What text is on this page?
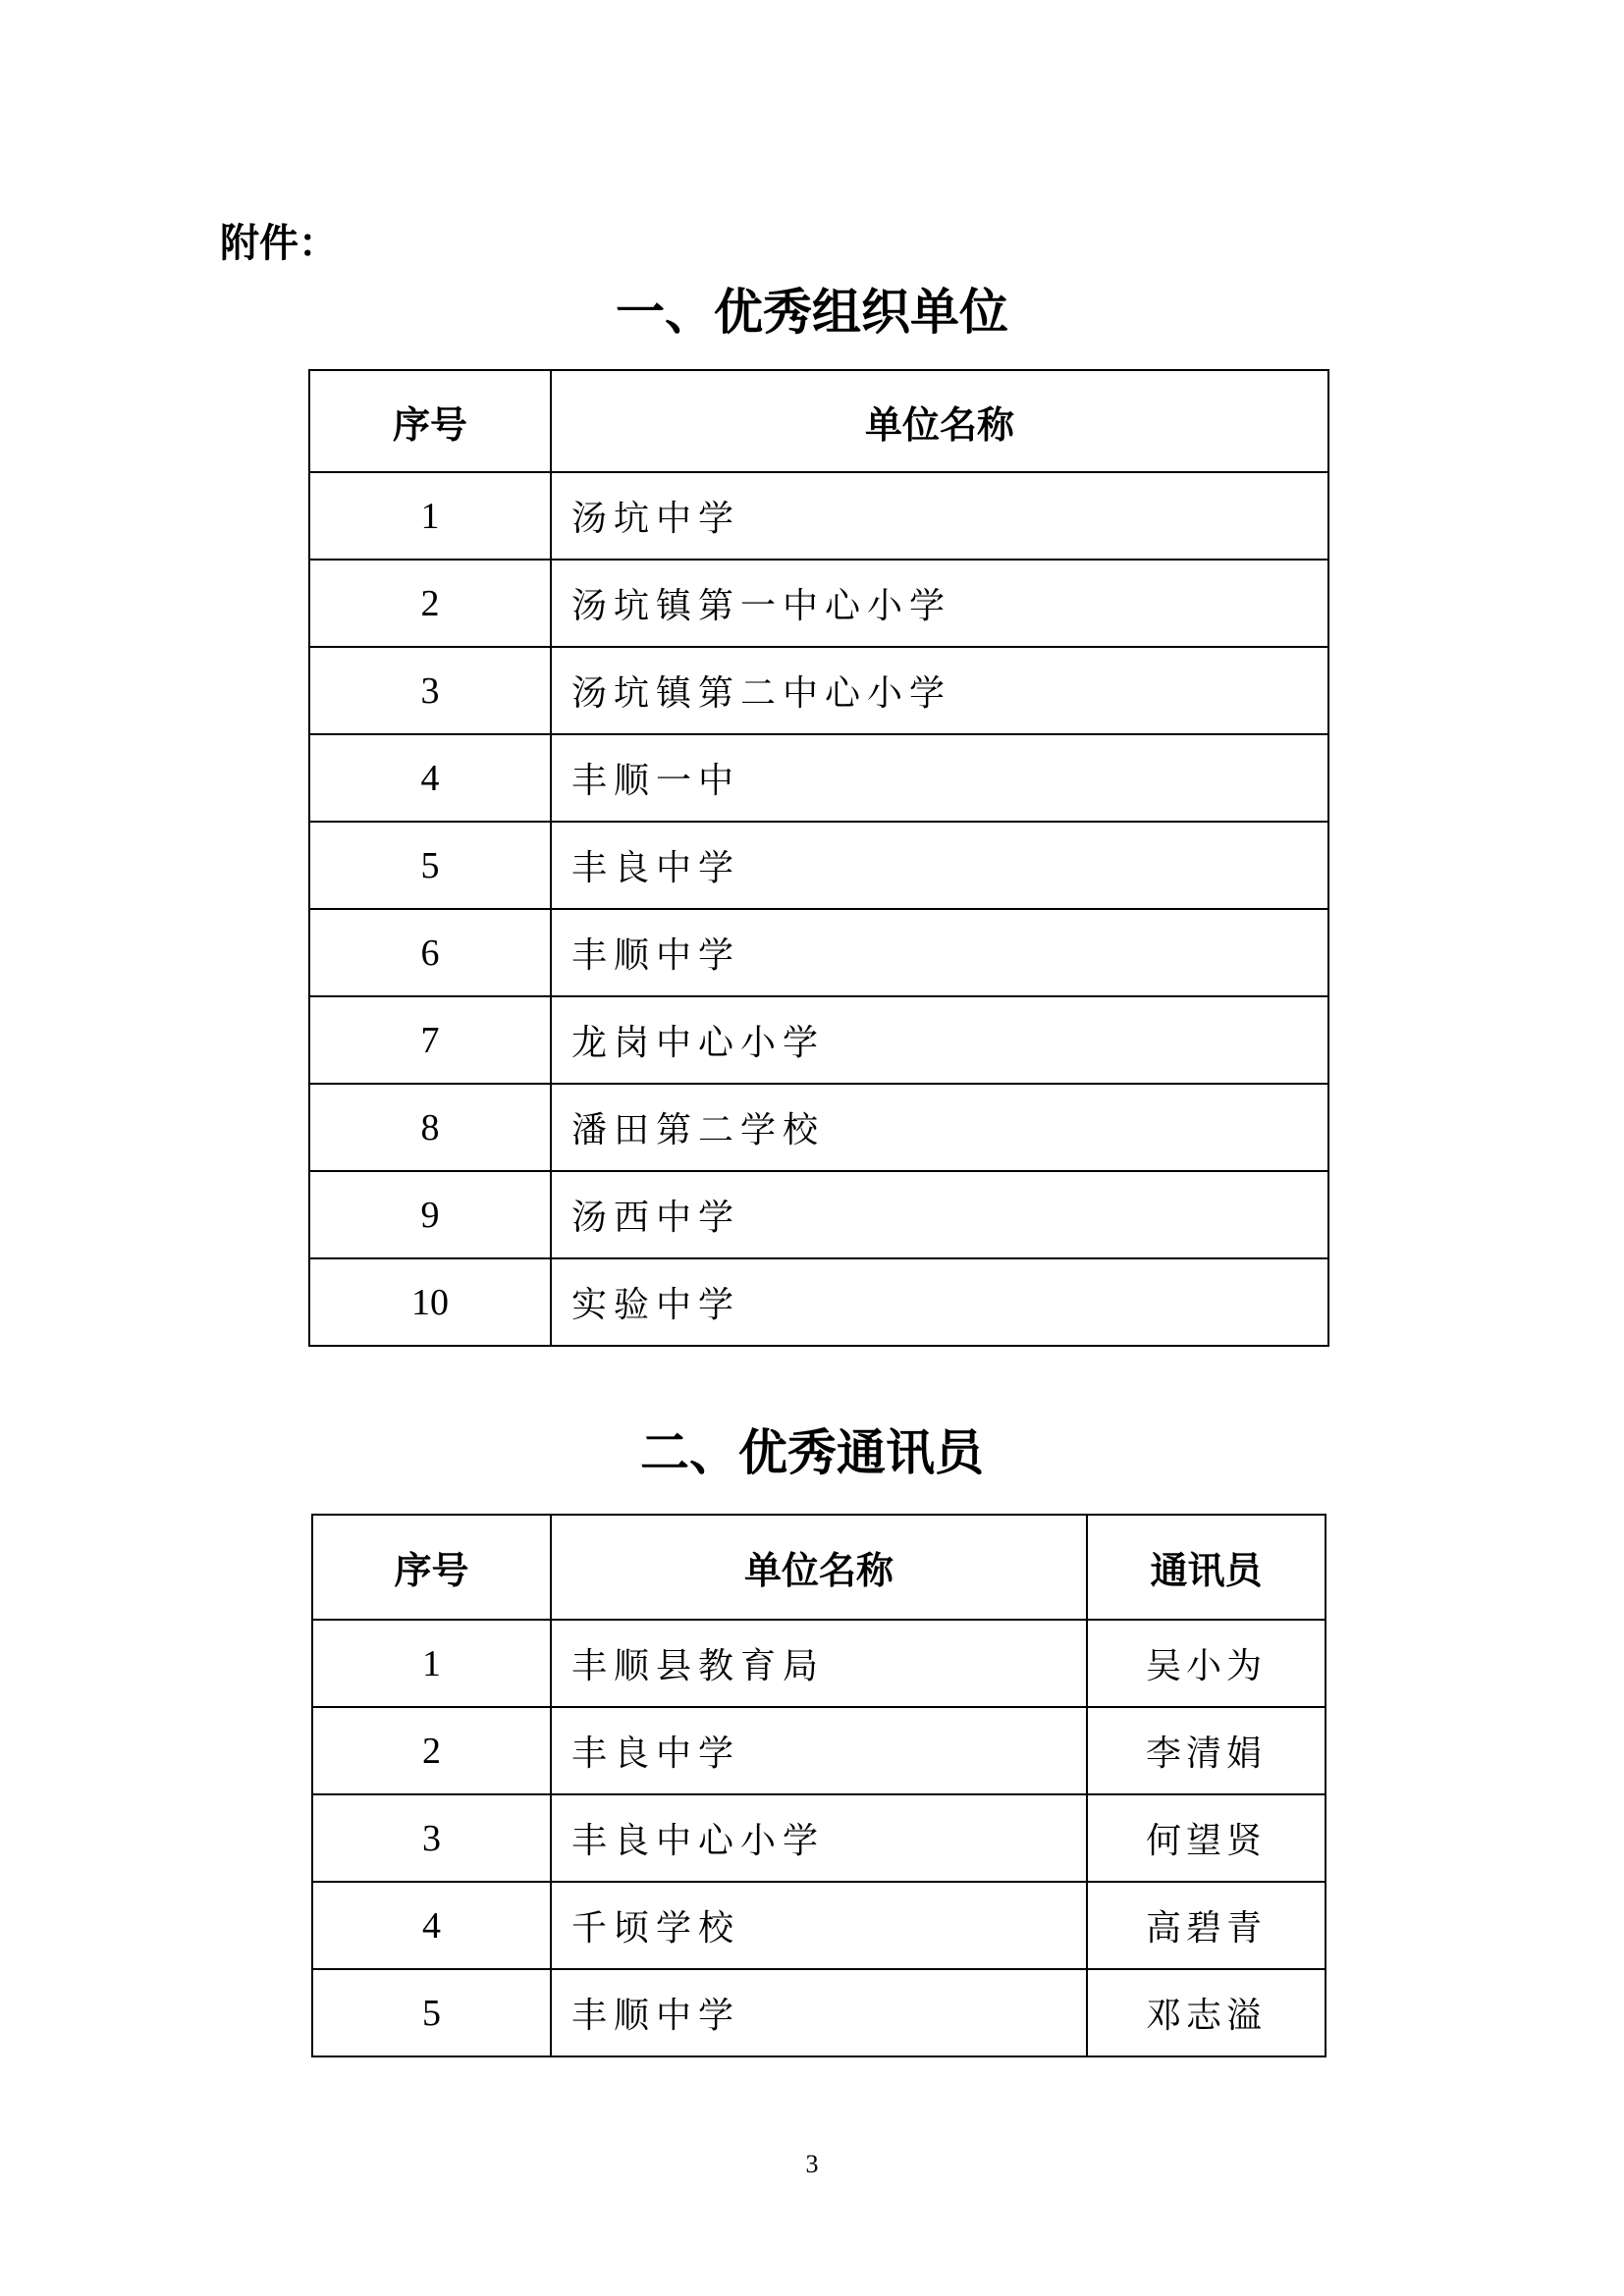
附件：
一、优秀组织单位
序号	单位名称
1	汤坑中学
2	汤坑镇第一中心小学
3	汤坑镇第二中心小学
4	丰顺一中
5	丰良中学
6	丰顺中学
7	龙岗中心小学
8	潘田第二学校
9	汤西中学
10	实验中学
二、优秀通讯员
序号	单位名称	通讯员
1	丰顺县教育局	吴小为
2	丰良中学	李清娟
3	丰良中心小学	何望贤
4	千顷学校	高碧青
5	丰顺中学	邓志溢
3
